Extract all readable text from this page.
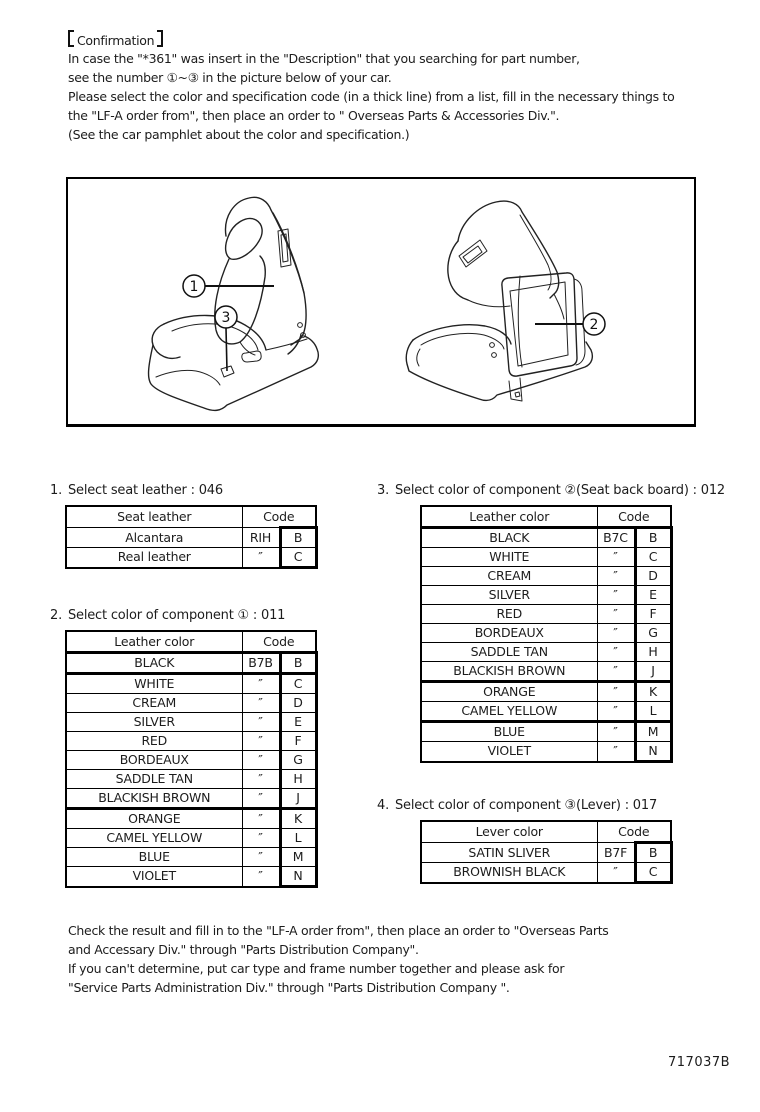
Confirmation
In case the "*361" was insert in the "Description" that you searching for part number,
see the number ①~③ in the picture below of your car.
Please select the color and specification code (in a thick line) from a list, fill in the necessary things to
the "LF-A order from", then place an order to " Overseas Parts & Accessories Div.".
(See the car pamphlet about the color and specification.)
1
3	2
1. Select seat leather : 046
2. Select color of component ① : 011
3. Select color of component ②(Seat back board) : 012
4. Select color of component ③(Lever) : 017
Seat leather	Code	
Alcantara	RIH	B
Real leather	″	C
Leather color	Code	
BLACK	B7B	B
WHITE	″	C
CREAM	″	D
SILVER	″	E
RED	″	F
BORDEAUX	″	G
SADDLE TAN	″	H
BLACKISH BROWN	″	J
ORANGE	″	K
CAMEL YELLOW	″	L
BLUE	″	M
VIOLET	″	N
Leather color	Code	
BLACK	B7C	B
WHITE	″	C
CREAM	″	D
SILVER	″	E
RED	″	F
BORDEAUX	″	G
SADDLE TAN	″	H
BLACKISH BROWN	″	J
ORANGE	″	K
CAMEL YELLOW	″	L
BLUE	″	M
VIOLET	″	N
Lever color	Code	
SATIN SLIVER	B7F	B
BROWNISH BLACK	″	C
Check the result and fill in to the "LF-A order from", then place an order to "Overseas Parts
and Accessary Div." through "Parts Distribution Company".
If you can't determine, put car type and frame number together and please ask for
"Service Parts Administration Div." through "Parts Distribution Company ".
717037B
